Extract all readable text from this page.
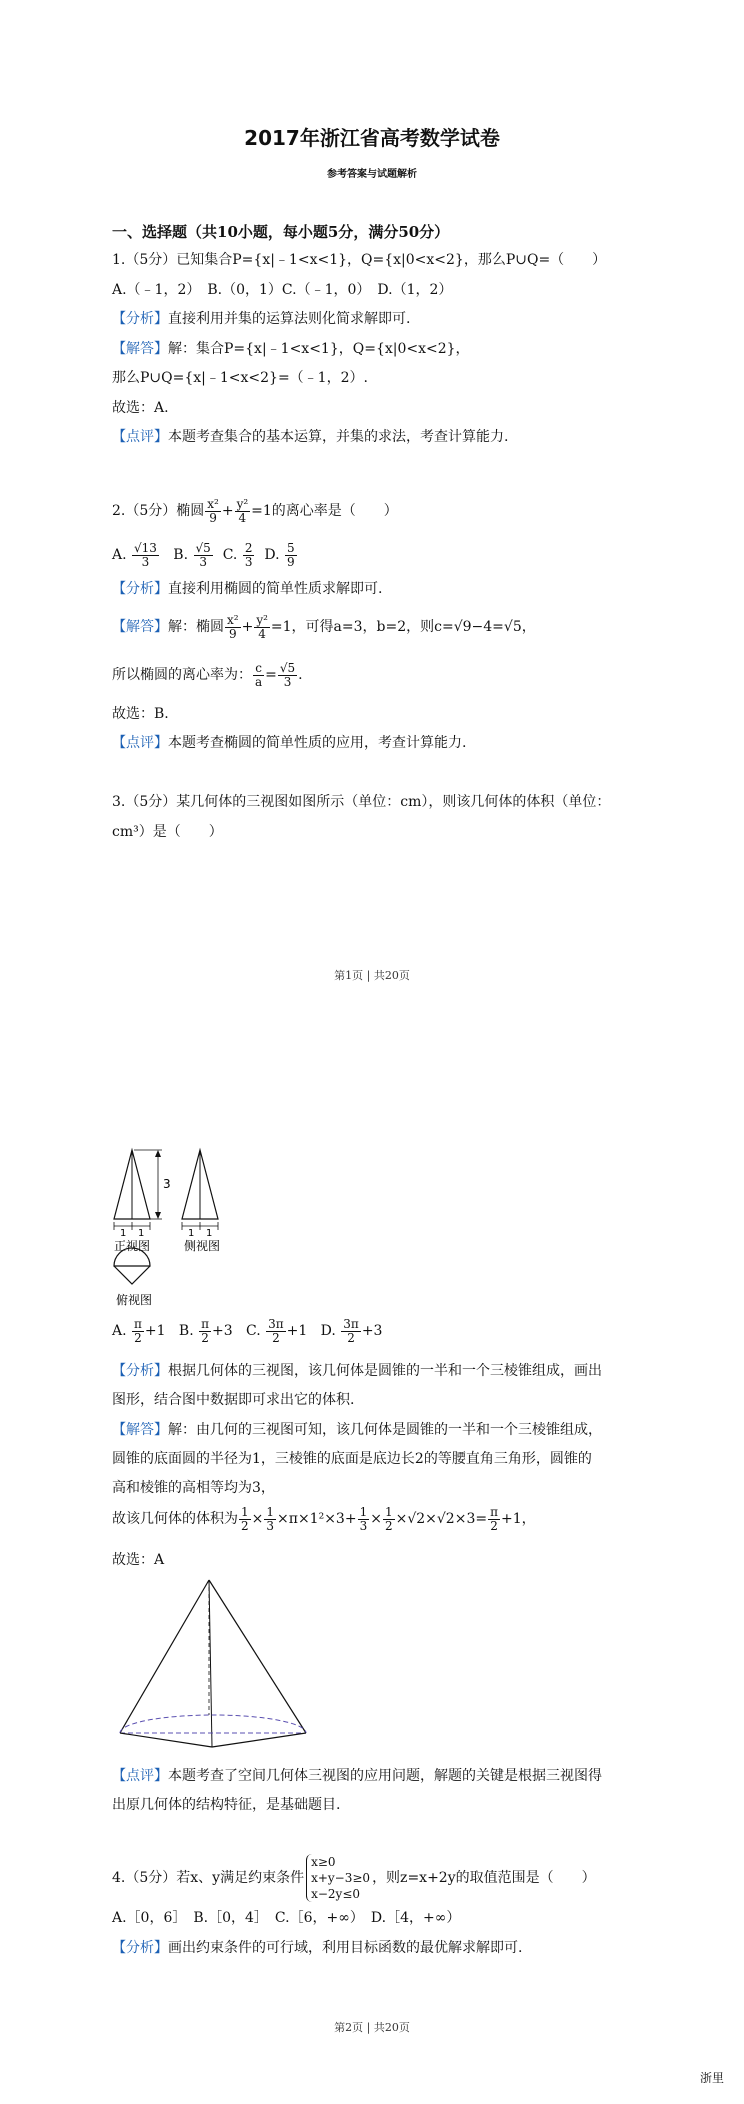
2017年浙江省高考数学试卷
参考答案与试题解析
一、选择题（共10小题，每小题5分，满分50分）
1.（5分）已知集合P={x|﹣1<x<1}，Q={x|0<x<2}，那么P∪Q=（　　）
A.（﹣1，2）　B.（0，1）C.（﹣1，0）　D.（1，2）
【分析】直接利用并集的运算法则化简求解即可.
【解答】解：集合P={x|﹣1<x<1}，Q={x|0<x<2}，
那么P∪Q={x|﹣1<x<2}=（﹣1，2）.
故选：A.
【点评】本题考查集合的基本运算，并集的求法，考查计算能力.
2.（5分）椭圆 $\frac{\text{x²}}{9} + \frac{\text{y²}}{4} =1$的离心率是（　　）
A. $\frac{√13}{3} B$. $\frac{√5}{3} C$. $\frac{2}{3} D$. $\frac{5}{9}$
【分析】直接利用椭圆的简单性质求解即可.
【解答】解：椭圆 $\frac{\text{x²}}{9} + \frac{\text{y²}}{4} =1$，可得a=3，b=2，则c=√9−4=√5，
所以椭圆的离心率为： $\frac{c}{a} = \frac{√5}{3}$ .
故选：B.
【点评】本题考查椭圆的简单性质的应用，考查计算能力.
3.（5分）某几何体的三视图如图所示（单位：cm），则该几何体的体积（单位：
cm³）是（　　）
第1页 | 共20页
3
1 1
正视图
1 1
侧视图
俯视图
A. $\frac{\pi}{2} +1$ B. $\frac{\pi}{2} +3$ C. $\frac{3\pi}{2} +1$ D. $\frac{3\pi}{2} +3$
【分析】根据几何体的三视图，该几何体是圆锥的一半和一个三棱锥组成，画出
图形，结合图中数据即可求出它的体积.
【解答】解：由几何的三视图可知，该几何体是圆锥的一半和一个三棱锥组成，
圆锥的底面圆的半径为1，三棱锥的底面是底边长2的等腰直角三角形，圆锥的
高和棱锥的高相等均为3，
故该几何体的体积为 $\frac{1}{2} \times \frac{1}{3} \times\pi\times 1^2\times 3+ \frac{1}{3} \times \frac{1}{2} \times√2\times√2\times 3= \frac{\pi}{2} +1$，
故选：A
【点评】本题考查了空间几何体三视图的应用问题，解题的关键是根据三视图得
出原几何体的结构特征，是基础题目.
4.（5分）若x、y满足约束条件
x≥0
x+y−3≥0
x−2y≤0
，则z=x+2y的取值范围是（　　）
A.［0，6］　B.［0，4］　C.［6，+∞）　D.［4，+∞）
【分析】画出约束条件的可行域，利用目标函数的最优解求解即可.
第2页 | 共20页
浙里
